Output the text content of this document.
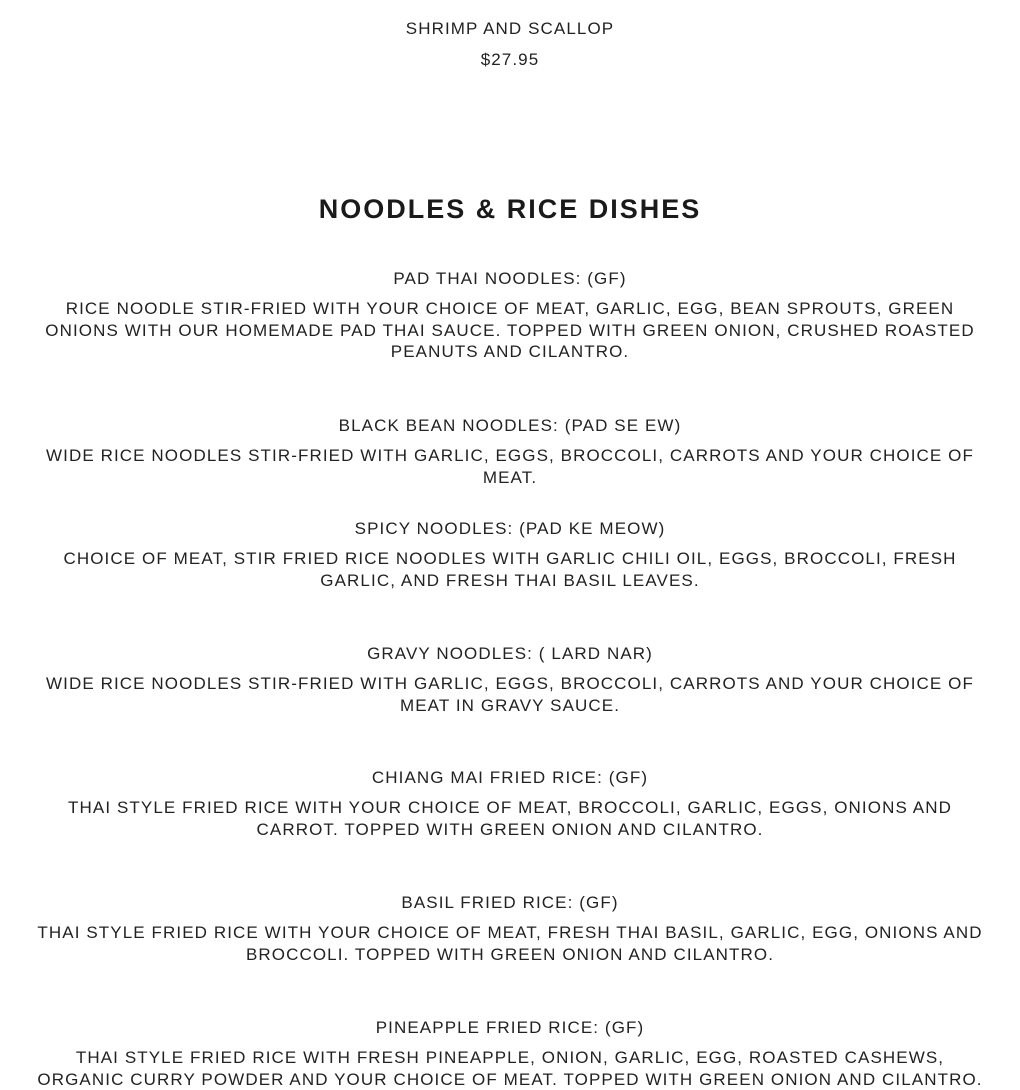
SHRIMP AND SCALLOP
$27.95
NOODLES & RICE DISHES
PAD THAI NOODLES: (GF)
RICE NOODLE STIR-FRIED WITH YOUR CHOICE OF MEAT, GARLIC, EGG, BEAN SPROUTS, GREEN ONIONS WITH OUR HOMEMADE PAD THAI SAUCE. TOPPED WITH GREEN ONION, CRUSHED ROASTED PEANUTS AND CILANTRO.
BLACK BEAN NOODLES: (PAD SE EW)
WIDE RICE NOODLES STIR-FRIED WITH GARLIC, EGGS, BROCCOLI, CARROTS AND YOUR CHOICE OF MEAT.
SPICY NOODLES: (PAD KE MEOW)
CHOICE OF MEAT, STIR FRIED RICE NOODLES WITH GARLIC CHILI OIL, EGGS, BROCCOLI, FRESH GARLIC, AND FRESH THAI BASIL LEAVES.
GRAVY NOODLES: ( LARD NAR)
WIDE RICE NOODLES STIR-FRIED WITH GARLIC, EGGS, BROCCOLI, CARROTS AND YOUR CHOICE OF MEAT IN GRAVY SAUCE.
CHIANG MAI FRIED RICE: (GF)
THAI STYLE FRIED RICE WITH YOUR CHOICE OF MEAT, BROCCOLI, GARLIC, EGGS, ONIONS AND CARROT. TOPPED WITH GREEN ONION AND CILANTRO.
BASIL FRIED RICE: (GF)
THAI STYLE FRIED RICE WITH YOUR CHOICE OF MEAT, FRESH THAI BASIL, GARLIC, EGG, ONIONS AND BROCCOLI. TOPPED WITH GREEN ONION AND CILANTRO.
PINEAPPLE FRIED RICE: (GF)
THAI STYLE FRIED RICE WITH FRESH PINEAPPLE, ONION, GARLIC, EGG, ROASTED CASHEWS, ORGANIC CURRY POWDER AND YOUR CHOICE OF MEAT. TOPPED WITH GREEN ONION AND CILANTRO.
